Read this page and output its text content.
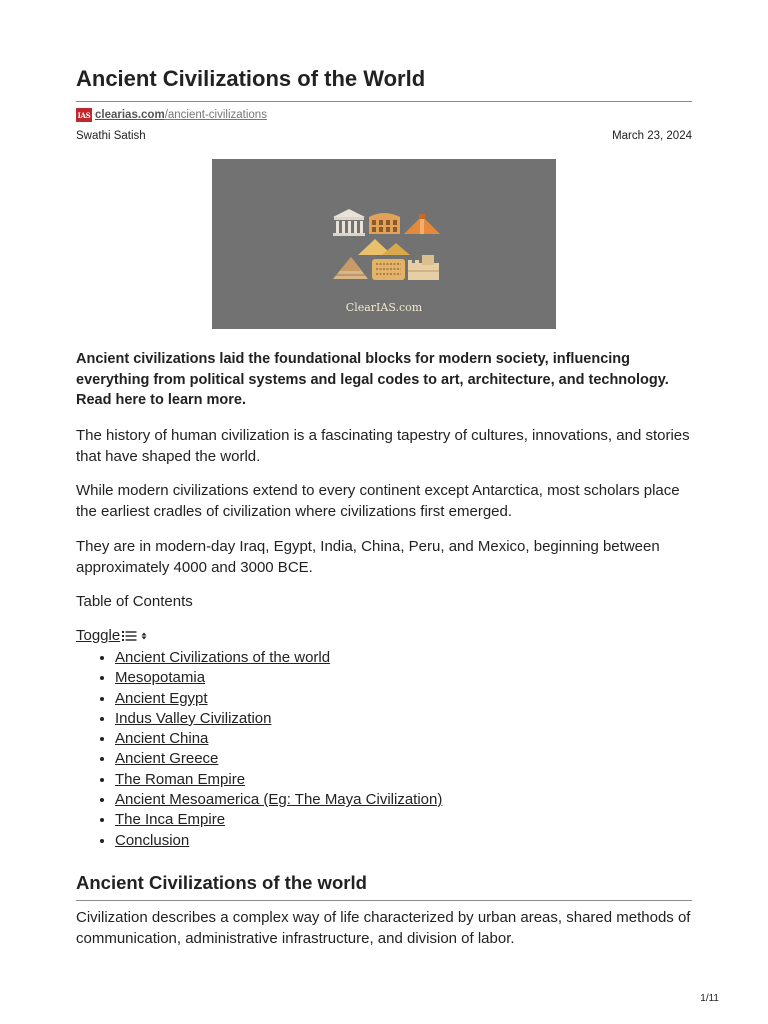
Ancient Civilizations of the World
IAS clearias.com /ancient-civilizations
Swathi Satish	March 23, 2024
ClearIAS.com

Ancient civilizations laid the foundational blocks for modern society, influencing everything from political systems and legal codes to art, architecture, and technology. Read here to learn more.

The history of human civilization is a fascinating tapestry of cultures, innovations, and stories that have shaped the world.

While modern civilizations extend to every continent except Antarctica, most scholars place the earliest cradles of civilization where civilizations first emerged.

They are in modern-day Iraq, Egypt, India, China, Peru, and Mexico, beginning between approximately 4000 and 3000 BCE.

Table of Contents

Toggle
• Ancient Civilizations of the world
• Mesopotamia
• Ancient Egypt
• Indus Valley Civilization
• Ancient China
• Ancient Greece
• The Roman Empire
• Ancient Mesoamerica (Eg: The Maya Civilization)
• The Inca Empire
• Conclusion
Ancient Civilizations of the world

Civilization describes a complex way of life characterized by urban areas, shared methods of communication, administrative infrastructure, and division of labor.

1/11
